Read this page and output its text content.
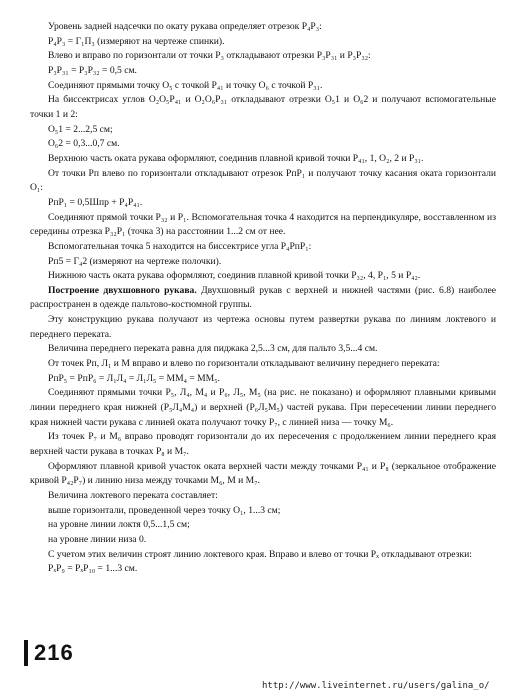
Уровень задней надсечки по окату рукава определяет отрезок P₄P₃:

P₄P₃ = Г₁П₃ (измеряют на чертеже спинки).

Влево и вправо по горизонтали от точки P₃ откладывают отрезки P₃P₃₁ и P₃P₃₂:

P₃P₃₁ = P₃P₃₂ = 0,5 см.

Соединяют прямыми точку O₅ с точкой P₄₁ и точку O₆ с точкой P₃₁.

На биссектрисах углов O₂O₅P₄₁ и O₂O₆P₃₁ откладывают отрезки O₅1 и O₆2 и получают вспомогательные точки 1 и 2:

O₅1 = 2...2,5 см;

O₆2 = 0,3...0,7 см.

Верхнюю часть оката рукава оформляют, соединив плавной кривой точки P₄₁, 1, O₂, 2 и P₃₁.

От точки Pп влево по горизонтали откладывают отрезок PпP₁ и получают точку касания оката горизонтали O₁:

PпP₁ = 0,5Шпр + P₄P₄₁.

Соединяют прямой точки P₃₂ и P₁. Вспомогательная точка 4 находится на перпендикуляре, восставленном из середины отрезка P₃₂P₁ (точка 3) на расстоянии 1...2 см от нее.

Вспомогательная точка 5 находится на биссектрисе угла P₄PпP₁:

Pп5 = Г₄2 (измеряют на чертеже полочки).

Нижнюю часть оката рукава оформляют, соединив плавной кривой точки P₃₂, 4, P₁, 5 и P₄₂.

Построение двухшовного рукава. Двухшовный рукав с верхней и нижней частями (рис. 6.8) наиболее распространен в одежде пальтово-костюмной группы.

Эту конструкцию рукава получают из чертежа основы путем развертки рукава по линиям локтевого и переднего переката.

Величина переднего переката равна для пиджака 2,5...3 см, для пальто 3,5...4 см.

От точек Pп, Л₁ и M вправо и влево по горизонтали откладывают величину переднего переката:

PпP₅ = PпP₆ = Л₁Л₄ = Л₁Л₅ = MM₄ = MM₅.

Соединяют прямыми точки P₅, Л₄, M₄ и P₆, Л₅, M₅ (на рис. не показано) и оформляют плавными кривыми линии переднего края нижней (P₅Л₄M₄) и верхней (P₆Л₅M₅) частей рукава. При пересечении линии переднего края нижней части рукава с линией оката получают точку P₇, с линией низа — точку M₆.

Из точек P₇ и M₆ вправо проводят горизонтали до их пересечения с продолжением линии переднего края верхней части рукава в точках P₈ и M₇.

Оформляют плавной кривой участок оката верхней части между точками P₄₁ и P₈ (зеркальное отображение кривой P₄₂P₇) и линию низа между точками M₆, M и M₇.

Величина локтевого переката составляет:

выше горизонтали, проведенной через точку O₁, 1...3 см;

на уровне линии локтя 0,5...1,5 см;

на уровне линии низа 0.

С учетом этих величин строят линию локтевого края. Вправо и влево от точки Pₓ откладывают отрезки:

PₓP₉ = PₓP₁₀ = 1...3 см.

216
http://www.liveinternet.ru/users/galina_o/
